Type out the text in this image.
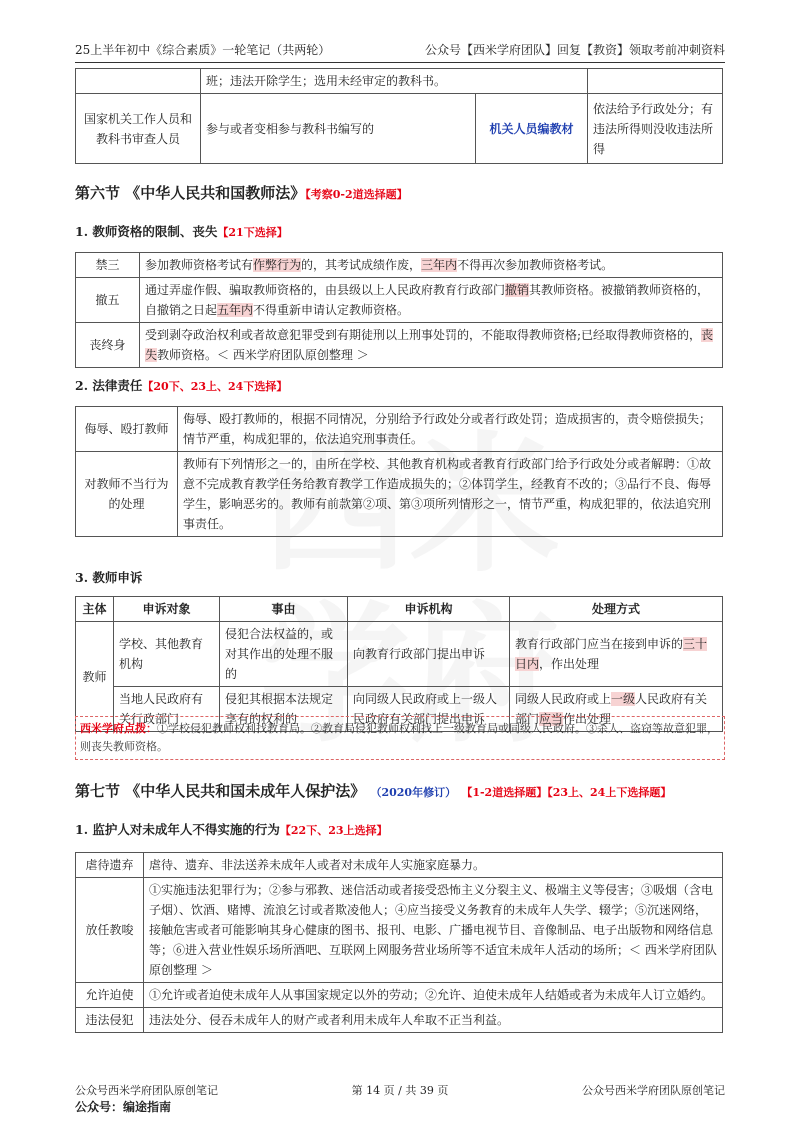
25上半年初中《综合素质》一轮笔记（共两轮）	公众号【西米学府团队】回复【教资】领取考前冲刺资料
	班；违法开除学生；选用未经审定的教科书。		
国家机关工作人员和教科书审查人员	参与或者变相参与教科书编写的	机关人员编教材	依法给予行政处分；有违法所得则没收违法所得
第六节 《中华人民共和国教师法》【考察0-2道选择题】
1. 教师资格的限制、丧失【21下选择】
禁三	参加教师资格考试有作弊行为的，其考试成绩作废，三年内不得再次参加教师资格考试。
撤五	通过弄虚作假、骗取教师资格的，由县级以上人民政府教育行政部门撤销其教师资格。被撤销教师资格的，自撤销之日起五年内不得重新申请认定教师资格。
丧终身	受到剥夺政治权利或者故意犯罪受到有期徒刑以上刑事处罚的，不能取得教师资格;已经取得教师资格的，丧失教师资格。＜ 西米学府团队原创整理 ＞
2. 法律责任【20下、23上、24下选择】
侮辱、殴打教师	侮辱、殴打教师的，根据不同情况，分别给予行政处分或者行政处罚；造成损害的，责令赔偿损失；情节严重，构成犯罪的，依法追究刑事责任。
对教师不当行为的处理	教师有下列情形之一的，由所在学校、其他教育机构或者教育行政部门给予行政处分或者解聘：①故意不完成教育教学任务给教育教学工作造成损失的；②体罚学生，经教育不改的；③品行不良、侮辱学生，影响恶劣的。教师有前款第②项、第③项所列情形之一，情节严重，构成犯罪的，依法追究刑事责任。
3. 教师申诉
主体	申诉对象	事由	申诉机构	处理方式
教师	学校、其他教育机构	侵犯合法权益的，或对其作出的处理不服的	向教育行政部门提出申诉	教育行政部门应当在接到申诉的三十日内，作出处理
	当地人民政府有关行政部门	侵犯其根据本法规定享有的权利的	向同级人民政府或上一级人民政府有关部门提出申诉	同级人民政府或上一级人民政府有关部门应当作出处理
西米学府点拨：①学校侵犯教师权利找教育局。②教育局侵犯教师权利找上一级教育局或同级人民政府。③杀人、盗窃等故意犯罪，则丧失教师资格。
第七节 《中华人民共和国未成年人保护法》 （2020年修订） 【1-2道选择题】【23上、24上下选择题】
1. 监护人对未成年人不得实施的行为【22下、23上选择】
虐待遗弃	虐待、遗弃、非法送养未成年人或者对未成年人实施家庭暴力。
放任教唆	①实施违法犯罪行为；②参与邪教、迷信活动或者接受恐怖主义分裂主义、极端主义等侵害；③吸烟（含电子烟）、饮酒、赌博、流浪乞讨或者欺凌他人；④应当接受义务教育的未成年人失学、辍学；⑤沉迷网络，接触危害或者可能影响其身心健康的图书、报刊、电影、广播电视节目、音像制品、电子出版物和网络信息等；⑥进入营业性娱乐场所酒吧、互联网上网服务营业场所等不适宜未成年人活动的场所；＜ 西米学府团队原创整理 ＞
允许迫使	①允许或者迫使未成年人从事国家规定以外的劳动；②允许、迫使未成年人结婚或者为未成年人订立婚约。
违法侵犯	违法处分、侵吞未成年人的财产或者利用未成年人牟取不正当利益。
公众号西米学府团队原创笔记	第 14 页 / 共 39 页	公众号西米学府团队原创笔记
公众号：编途指南
